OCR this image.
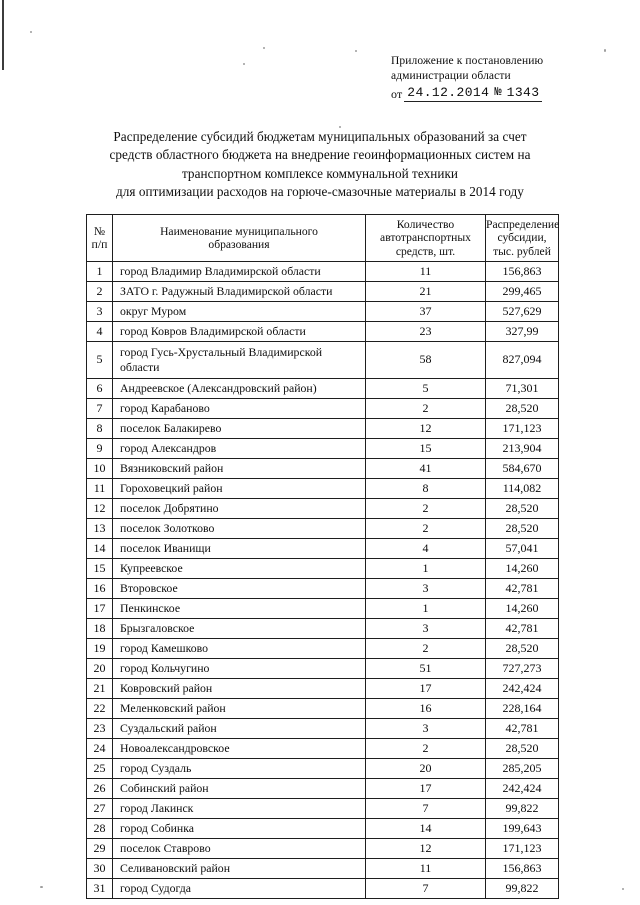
Приложение к постановлению
администрации области
от 24.12.2014 № 1343
Распределение субсидий бюджетам муниципальных образований за счет
средств областного бюджета на внедрение геоинформационных систем на
транспортном комплексе коммунальной техники
для оптимизации расходов на горюче-смазочные материалы в 2014 году
№
п/п

Наименование муниципального
образования

Количество
автотранспортных
средств, шт.

Распределение
субсидии,
тыс. рублей

1	город Владимир Владимирской области	11	156,863
2	ЗАТО г. Радужный Владимирской области	21	299,465
3	округ Муром	37	527,629
4	город Ковров Владимирской области	23	327,99
5	город Гусь-Хрустальный Владимирской области	58	827,094
6	Андреевское (Александровский район)	5	71,301
7	город Карабаново	2	28,520
8	поселок Балакирево	12	171,123
9	город Александров	15	213,904
10	Вязниковский район	41	584,670
11	Гороховецкий район	8	114,082
12	поселок Добрятино	2	28,520
13	поселок Золотково	2	28,520
14	поселок Иванищи	4	57,041
15	Купреевское	1	14,260
16	Второвское	3	42,781
17	Пенкинское	1	14,260
18	Брызгаловское	3	42,781
19	город Камешково	2	28,520
20	город Кольчугино	51	727,273
21	Ковровский район	17	242,424
22	Меленковский район	16	228,164
23	Суздальский район	3	42,781
24	Новоалександровское	2	28,520
25	город Суздаль	20	285,205
26	Собинский район	17	242,424
27	город Лакинск	7	99,822
28	город Собинка	14	199,643
29	поселок Ставрово	12	171,123
30	Селивановский район	11	156,863
31	город Судогда	7	99,822
